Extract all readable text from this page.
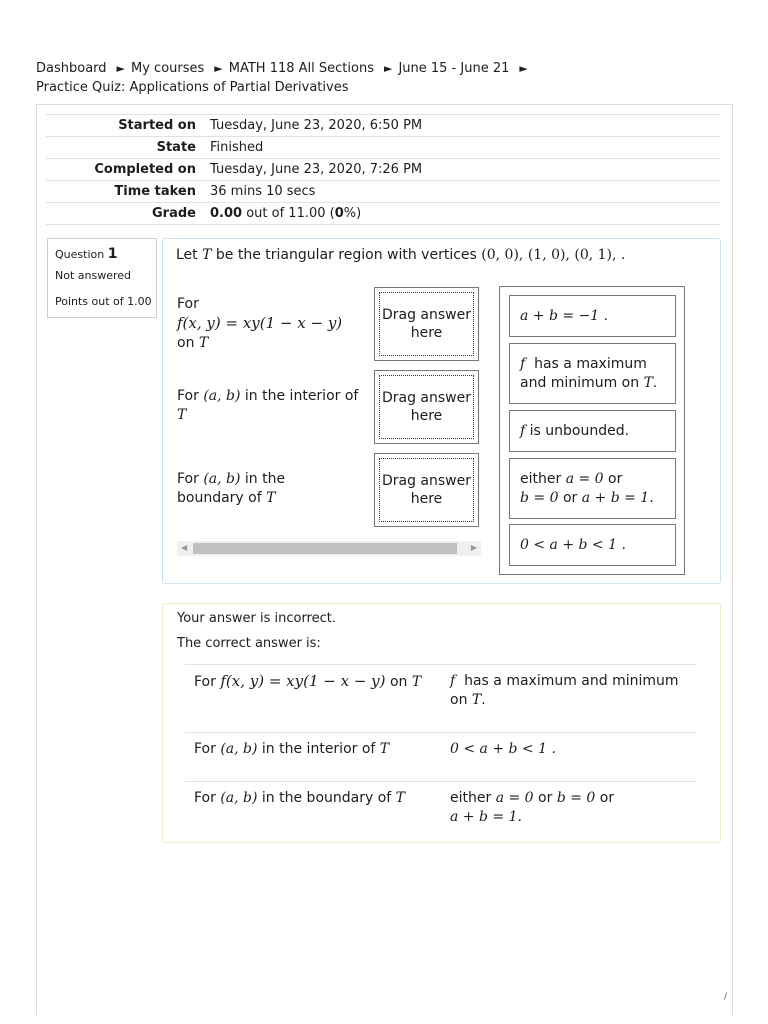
Dashboard ► My courses ► MATH 118 All Sections ► June 15 - June 21 ►
Practice Quiz: Applications of Partial Derivatives
Started on	Tuesday, June 23, 2020, 6:50 PM
State	Finished
Completed on	Tuesday, June 23, 2020, 7:26 PM
Time taken	36 mins 10 secs
Grade	0.00 out of 11.00 (0%)
Question 1
Not answered
Points out of 1.00
Let T be the triangular region with vertices (0, 0), (1, 0), (0, 1), .
For
f(x, y) = xy(1 − x − y)
on T
For (a, b) in the interior of T
For (a, b) in the boundary of T
Drag answer here
Drag answer here
Drag answer here
◀	▶
a + b = −1 .
f has a maximum and minimum on T.
f is unbounded.
either a = 0 or
b = 0 or a + b = 1.
0 < a + b < 1 .
Your answer is incorrect.
The correct answer is:
For f(x, y) = xy(1 − x − y) on T	f has a maximum and minimum on T.
For (a, b) in the interior of T	0 < a + b < 1 .
For (a, b) in the boundary of T	either a = 0 or b = 0 or
a + b = 1.
/
